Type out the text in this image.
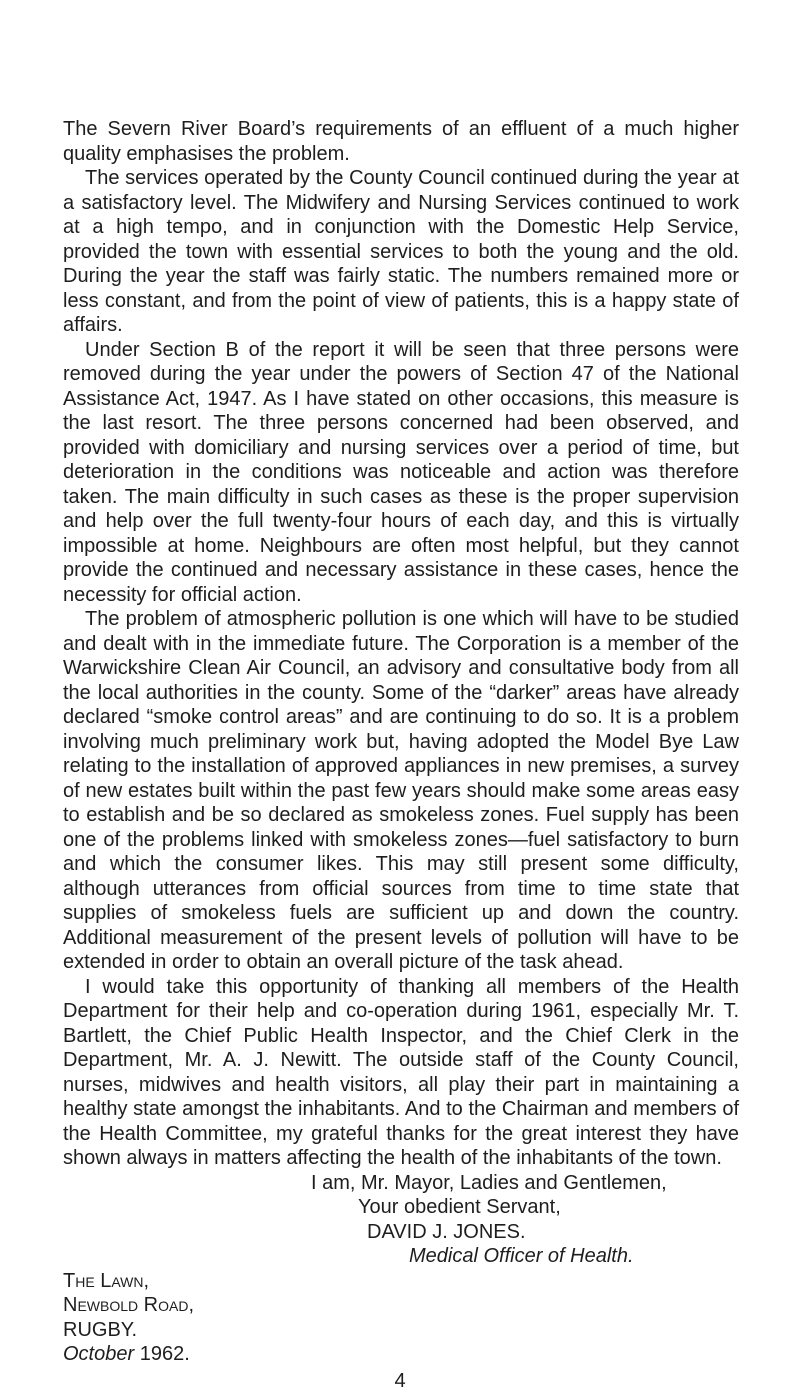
The Severn River Board’s requirements of an effluent of a much higher quality emphasises the problem.

The services operated by the County Council continued during the year at a satisfactory level. The Midwifery and Nursing Services continued to work at a high tempo, and in conjunction with the Domestic Help Service, provided the town with essential services to both the young and the old. During the year the staff was fairly static. The numbers remained more or less constant, and from the point of view of patients, this is a happy state of affairs.

Under Section B of the report it will be seen that three persons were removed during the year under the powers of Section 47 of the National Assistance Act, 1947. As I have stated on other occasions, this measure is the last resort. The three persons concerned had been observed, and provided with domiciliary and nursing services over a period of time, but deterioration in the conditions was noticeable and action was therefore taken. The main difficulty in such cases as these is the proper supervision and help over the full twenty-four hours of each day, and this is virtually impossible at home. Neighbours are often most helpful, but they cannot provide the continued and necessary assistance in these cases, hence the necessity for official action.

The problem of atmospheric pollution is one which will have to be studied and dealt with in the immediate future. The Corporation is a member of the Warwickshire Clean Air Council, an advisory and consultative body from all the local authorities in the county. Some of the “darker” areas have already declared “smoke control areas” and are continuing to do so. It is a problem involving much preliminary work but, having adopted the Model Bye Law relating to the installation of approved appliances in new premises, a survey of new estates built within the past few years should make some areas easy to establish and be so declared as smokeless zones. Fuel supply has been one of the problems linked with smokeless zones—fuel satisfactory to burn and which the consumer likes. This may still present some difficulty, although utterances from official sources from time to time state that supplies of smokeless fuels are sufficient up and down the country. Additional measurement of the present levels of pollution will have to be extended in order to obtain an overall picture of the task ahead.

I would take this opportunity of thanking all members of the Health Department for their help and co-operation during 1961, especially Mr. T. Bartlett, the Chief Public Health Inspector, and the Chief Clerk in the Department, Mr. A. J. Newitt. The outside staff of the County Council, nurses, midwives and health visitors, all play their part in maintaining a healthy state amongst the inhabitants. And to the Chairman and members of the Health Committee, my grateful thanks for the great interest they have shown always in matters affecting the health of the inhabitants of the town.

I am, Mr. Mayor, Ladies and Gentlemen,

Your obedient Servant,

DAVID J. JONES.

Medical Officer of Health.

The Lawn,

Newbold Road,

RUGBY.

October 1962.

4
